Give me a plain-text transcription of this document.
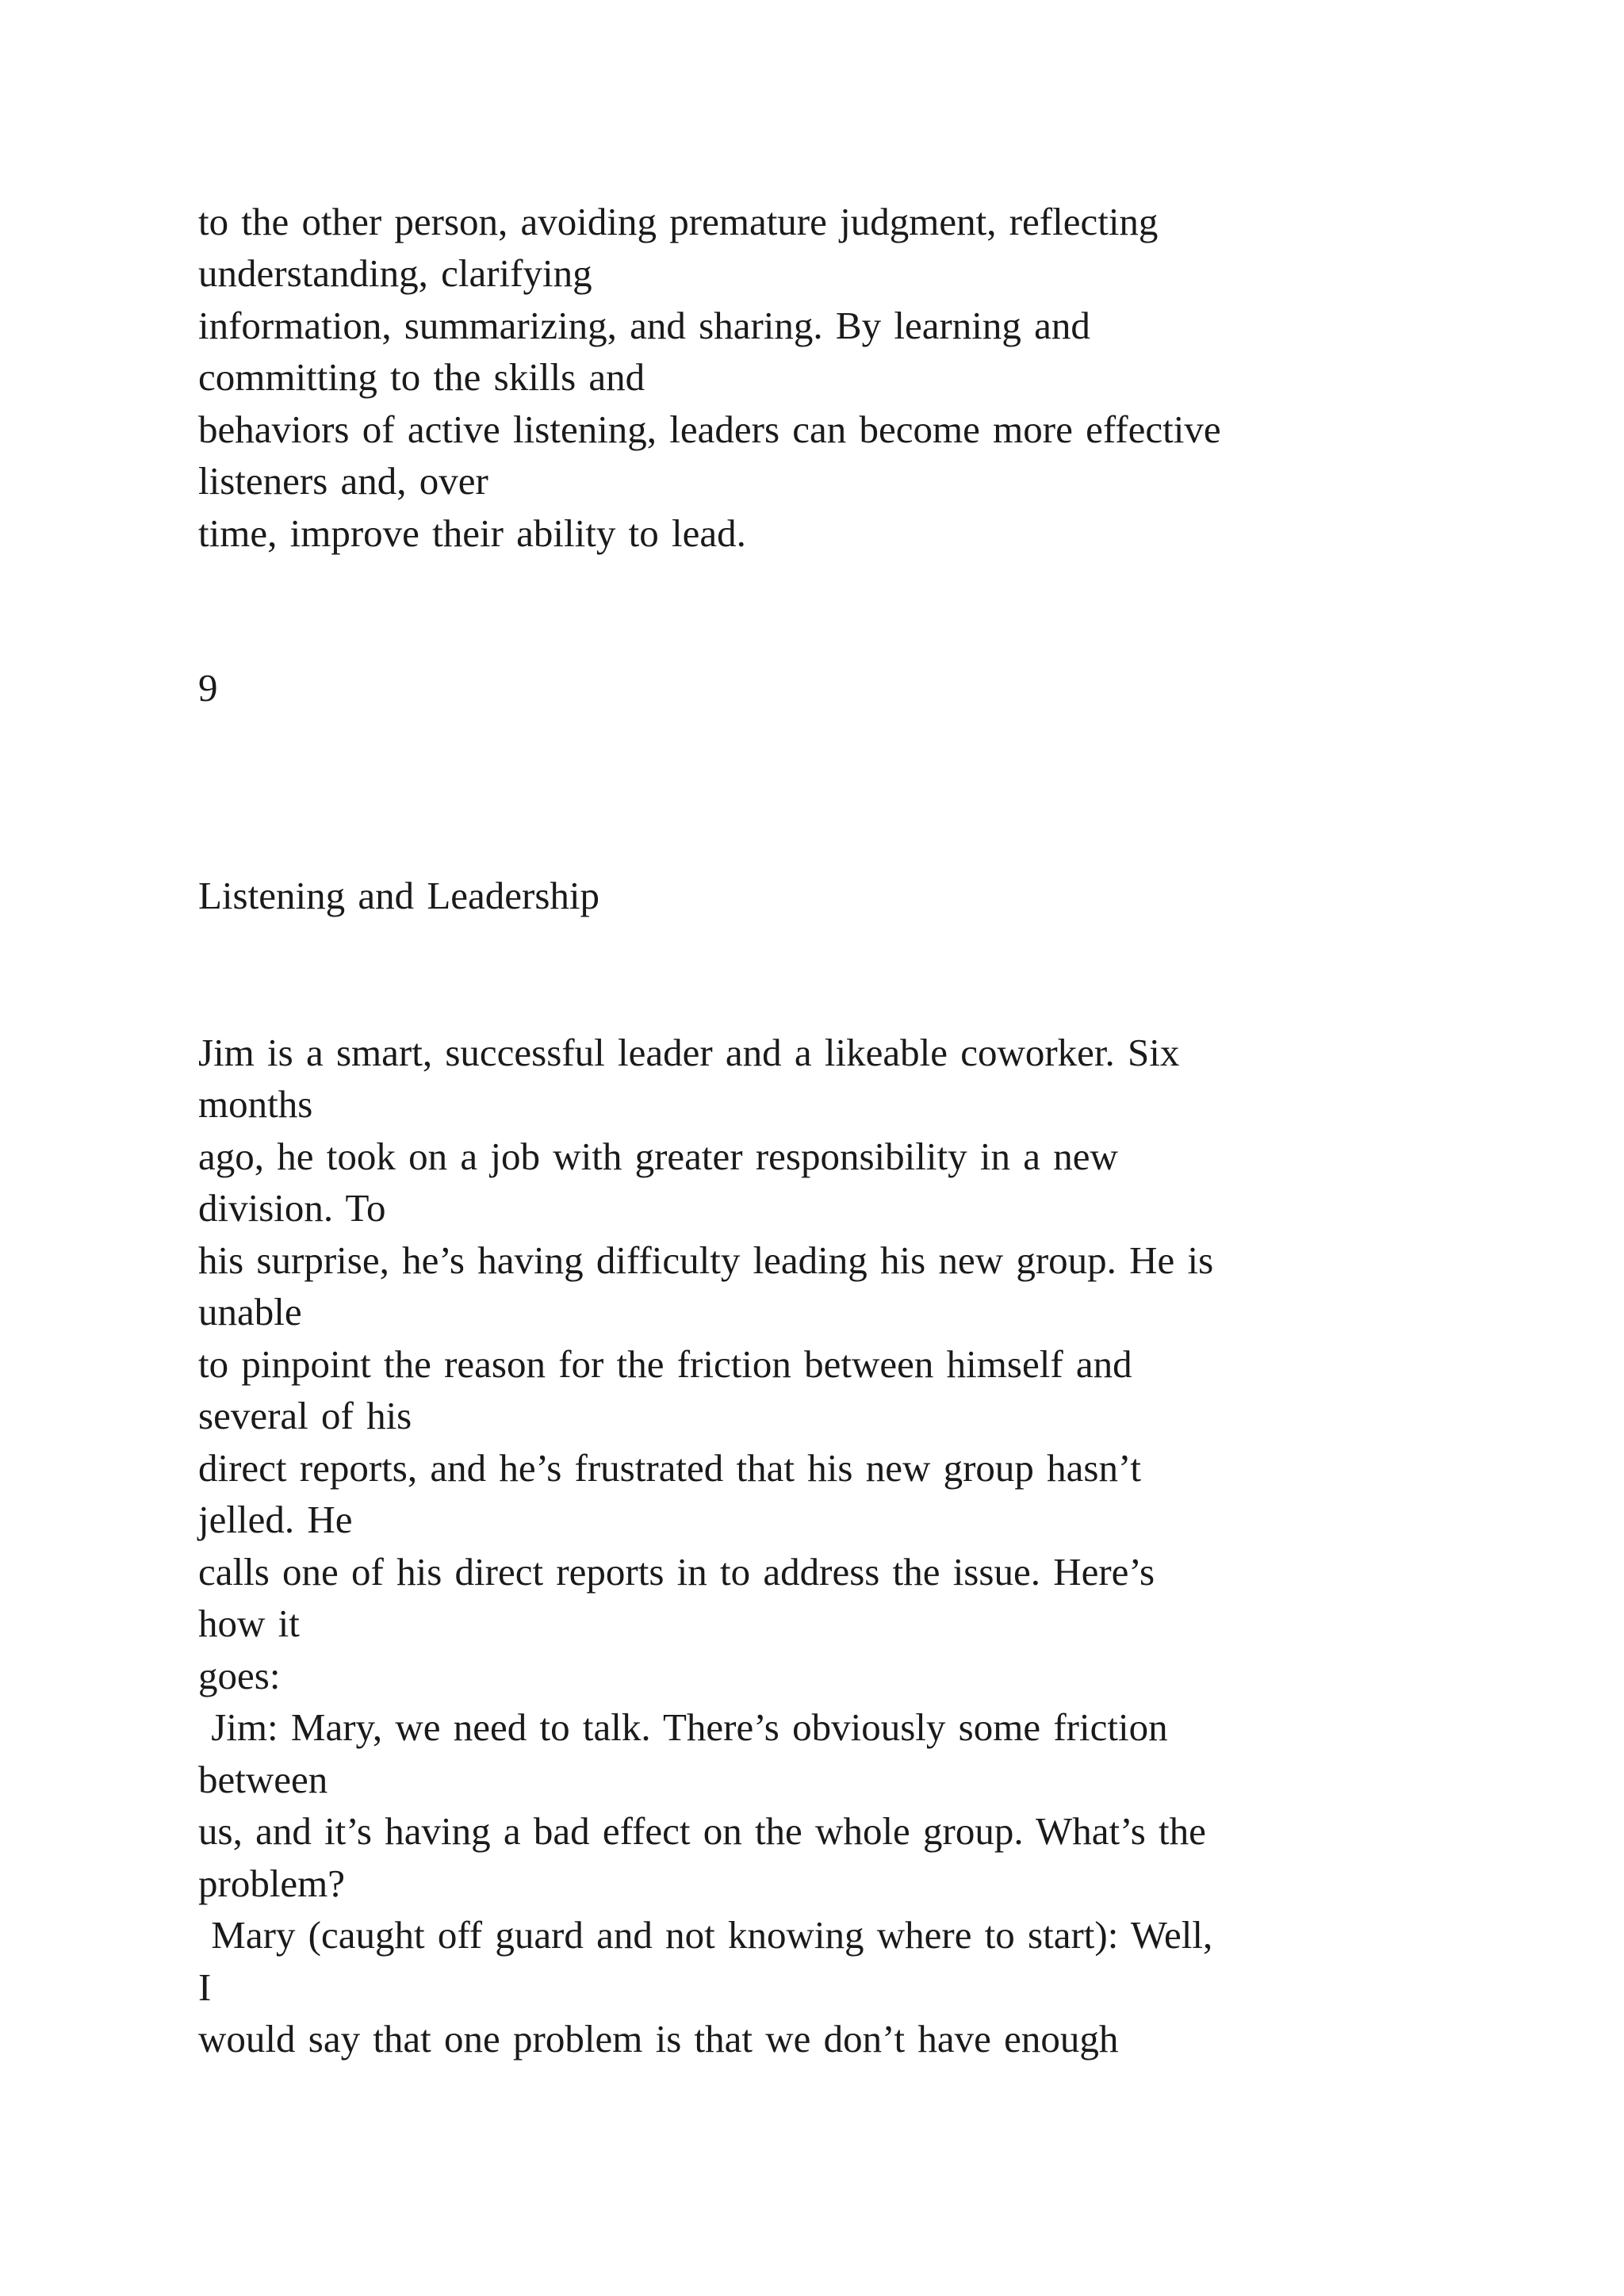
to the other person, avoiding premature judgment, reflecting

understanding, clarifying

information, summarizing, and sharing. By learning and

committing to the skills and

behaviors of active listening, leaders can become more effective

listeners and, over

time, improve their ability to lead.

9

Listening and Leadership

Jim is a smart, successful leader and a likeable coworker. Six

months

ago, he took on a job with greater responsibility in a new

division. To

his surprise, he’s having difficulty leading his new group. He is

unable

to pinpoint the reason for the friction between himself and

several of his

direct reports, and he’s frustrated that his new group hasn’t

jelled. He

calls one of his direct reports in to address the issue. Here’s

how it

goes:

Jim: Mary, we need to talk. There’s obviously some friction

between

us, and it’s having a bad effect on the whole group. What’s the

problem?

Mary (caught off guard and not knowing where to start): Well,

I

would say that one problem is that we don’t have enough
